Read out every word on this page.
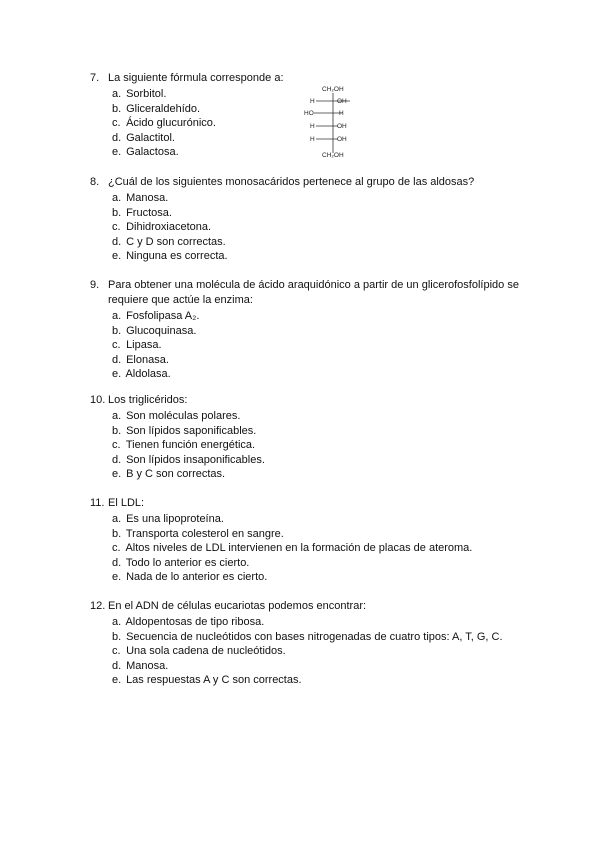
7. La siguiente fórmula corresponde a:
a. Sorbitol.
b. Gliceraldehído.
c. Ácido glucurónico.
d. Galactitol.
e. Galactosa.
CH₂OH
H	OH
HO	H
H	OH
H	OH
CH₂OH
8. ¿Cuál de los siguientes monosacáridos pertenece al grupo de las aldosas?
a. Manosa.
b. Fructosa.
c. Dihidroxiacetona.
d. C y D son correctas.
e. Ninguna es correcta.
9. Para obtener una molécula de ácido araquidónico a partir de un glicerofosfolípido se requiere que actúe la enzima:
a. Fosfolipasa A₂.
b. Glucoquinasa.
c. Lipasa.
d. Elonasa.
e. Aldolasa.
10. Los triglicéridos:
a. Son moléculas polares.
b. Son lípidos saponificables.
c. Tienen función energética.
d. Son lípidos insaponificables.
e. B y C son correctas.
11. El LDL:
a. Es una lipoproteína.
b. Transporta colesterol en sangre.
c. Altos niveles de LDL intervienen en la formación de placas de ateroma.
d. Todo lo anterior es cierto.
e. Nada de lo anterior es cierto.
12. En el ADN de células eucariotas podemos encontrar:
a. Aldopentosas de tipo ribosa.
b. Secuencia de nucleótidos con bases nitrogenadas de cuatro tipos: A, T, G, C.
c. Una sola cadena de nucleótidos.
d. Manosa.
e. Las respuestas A y C son correctas.
